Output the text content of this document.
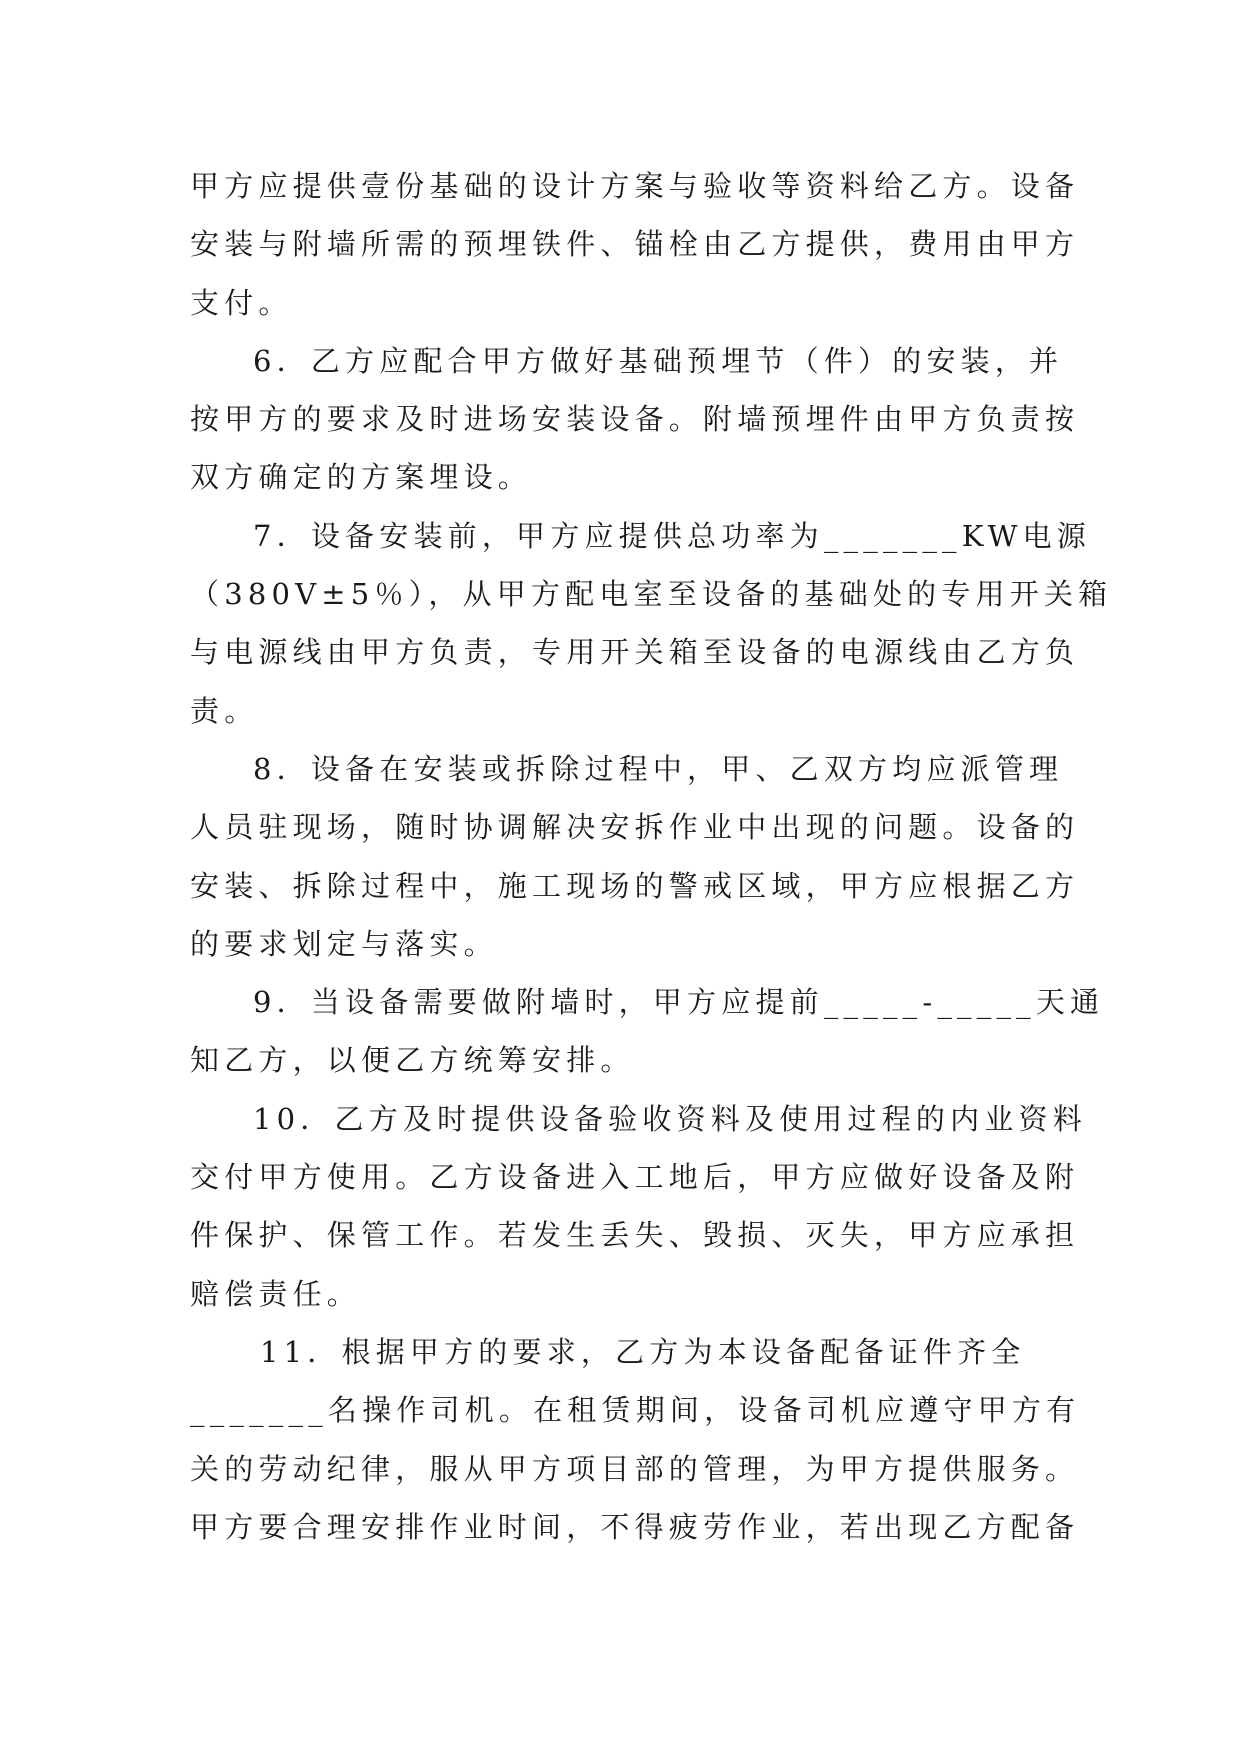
甲方应提供壹份基础的设计方案与验收等资料给乙方。设备
安装与附墙所需的预埋铁件、锚栓由乙方提供，费用由甲方
支付。
6．乙方应配合甲方做好基础预埋节（件）的安装，并
按甲方的要求及时进场安装设备。附墙预埋件由甲方负责按
双方确定的方案埋设。
7．设备安装前，甲方应提供总功率为_______KW电源
（380V±5％），从甲方配电室至设备的基础处的专用开关箱
与电源线由甲方负责，专用开关箱至设备的电源线由乙方负
责。
8．设备在安装或拆除过程中，甲、乙双方均应派管理
人员驻现场，随时协调解决安拆作业中出现的问题。设备的
安装、拆除过程中，施工现场的警戒区域，甲方应根据乙方
的要求划定与落实。
9．当设备需要做附墙时，甲方应提前_____-_____天通
知乙方，以便乙方统筹安排。
10．乙方及时提供设备验收资料及使用过程的内业资料
交付甲方使用。乙方设备进入工地后，甲方应做好设备及附
件保护、保管工作。若发生丢失、毁损、灭失，甲方应承担
赔偿责任。
11．根据甲方的要求，乙方为本设备配备证件齐全
_______名操作司机。在租赁期间，设备司机应遵守甲方有
关的劳动纪律，服从甲方项目部的管理，为甲方提供服务。
甲方要合理安排作业时间，不得疲劳作业，若出现乙方配备
